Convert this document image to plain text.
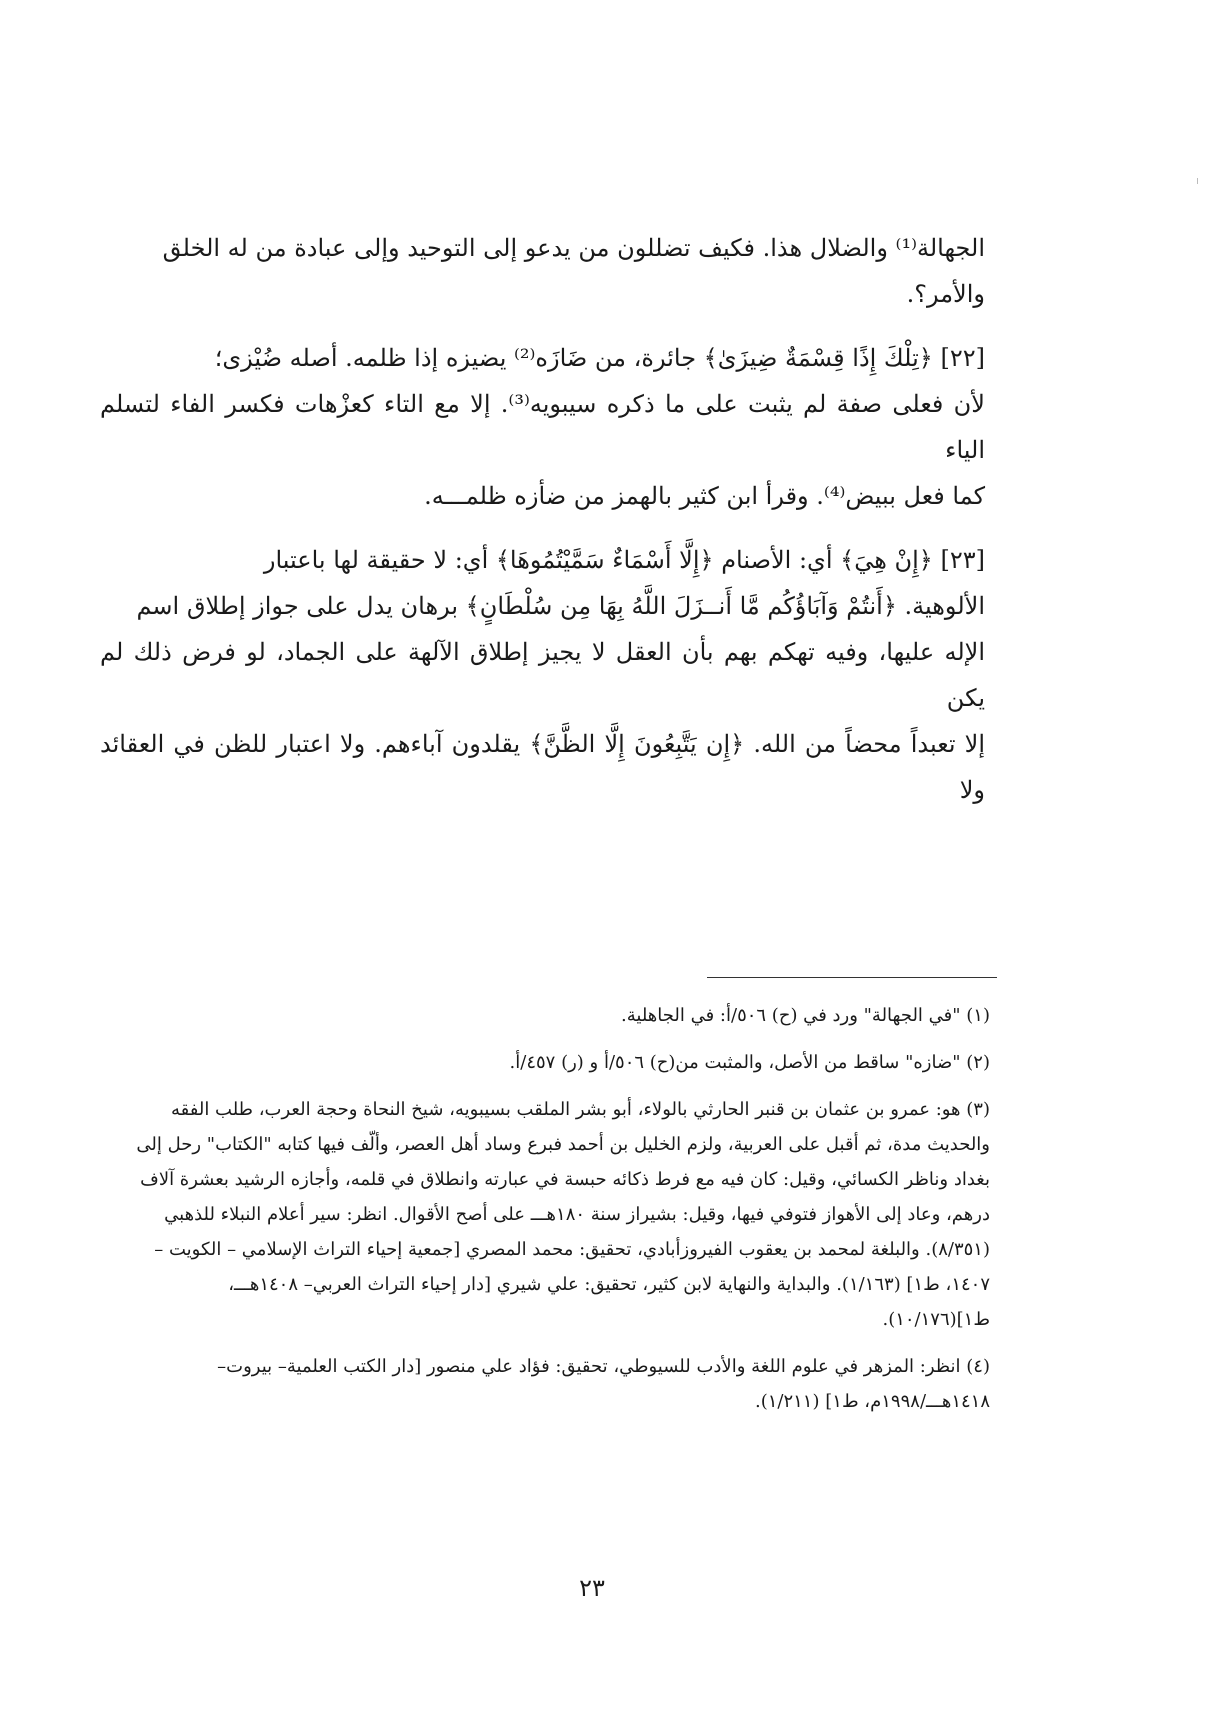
الجهالة⁽¹⁾ والضلال هذا. فكيف تضللون من يدعو إلى التوحيد وإلى عبادة من له الخلق

والأمر؟.

[٢٢] ﴿تِلْكَ إِذًا قِسْمَةٌ ضِيزَىٰ﴾ جائرة، من ضَازَه⁽²⁾ يضيزه إذا ظلمه. أصله ضُيْزى؛

لأن فعلى صفة لم يثبت على ما ذكره سيبويه⁽³⁾. إلا مع التاء كعزْهات فكسر الفاء لتسلم الياء

كما فعل ببيض⁽⁴⁾. وقرأ ابن كثير بالهمز من ضأزه ظلمـــه.

[٢٣] ﴿إِنْ هِيَ﴾ أي: الأصنام ﴿إِلَّا أَسْمَاءٌ سَمَّيْتُمُوهَا﴾ أي: لا حقيقة لها باعتبار

الألوهية. ﴿أَنتُمْ وَآبَاؤُكُم مَّا أَنــزَلَ اللَّهُ بِهَا مِن سُلْطَانٍ﴾ برهان يدل على جواز إطلاق اسم

الإله عليها، وفيه تهكم بهم بأن العقل لا يجيز إطلاق الآلهة على الجماد، لو فرض ذلك لم يكن

إلا تعبداً محضاً من الله. ﴿إِن يَتَّبِعُونَ إِلَّا الظَّنَّ﴾ يقلدون آباءهم. ولا اعتبار للظن في العقائد ولا

(١) "في الجهالة" ورد في (ح) ٥٠٦/أ: في الجاهلية.

(٢) "ضازه" ساقط من الأصل، والمثبت من(ح) ٥٠٦/أ و (ر) ٤٥٧/أ.

(٣) هو: عمرو بن عثمان بن قنبر الحارثي بالولاء، أبو بشر الملقب بسيبويه، شيخ النحاة وحجة العرب، طلب الفقه

والحديث مدة، ثم أقبل على العربية، ولزم الخليل بن أحمد فبرع وساد أهل العصر، وألّف فيها كتابه "الكتاب" رحل إلى

بغداد وناظر الكسائي، وقيل: كان فيه مع فرط ذكائه حبسة في عبارته وانطلاق في قلمه، وأجازه الرشيد بعشرة آلاف

درهم، وعاد إلى الأهواز فتوفي فيها، وقيل: بشيراز سنة ١٨٠هـــ على أصح الأقوال. انظر: سير أعلام النبلاء للذهبي

(٨/٣٥١). والبلغة لمحمد بن يعقوب الفيروزأبادي، تحقيق: محمد المصري [جمعية إحياء التراث الإسلامي – الكويت –

١٤٠٧، ط١] (١/١٦٣). والبداية والنهاية لابن كثير، تحقيق: علي شيري [دار إحياء التراث العربي– ١٤٠٨هـــ،

ط١](١٠/١٧٦).

(٤) انظر: المزهر في علوم اللغة والأدب للسيوطي، تحقيق: فؤاد علي منصور [دار الكتب العلمية– بيروت–

١٤١٨هـــ/١٩٩٨م، ط١] (١/٢١١).

٢٣
